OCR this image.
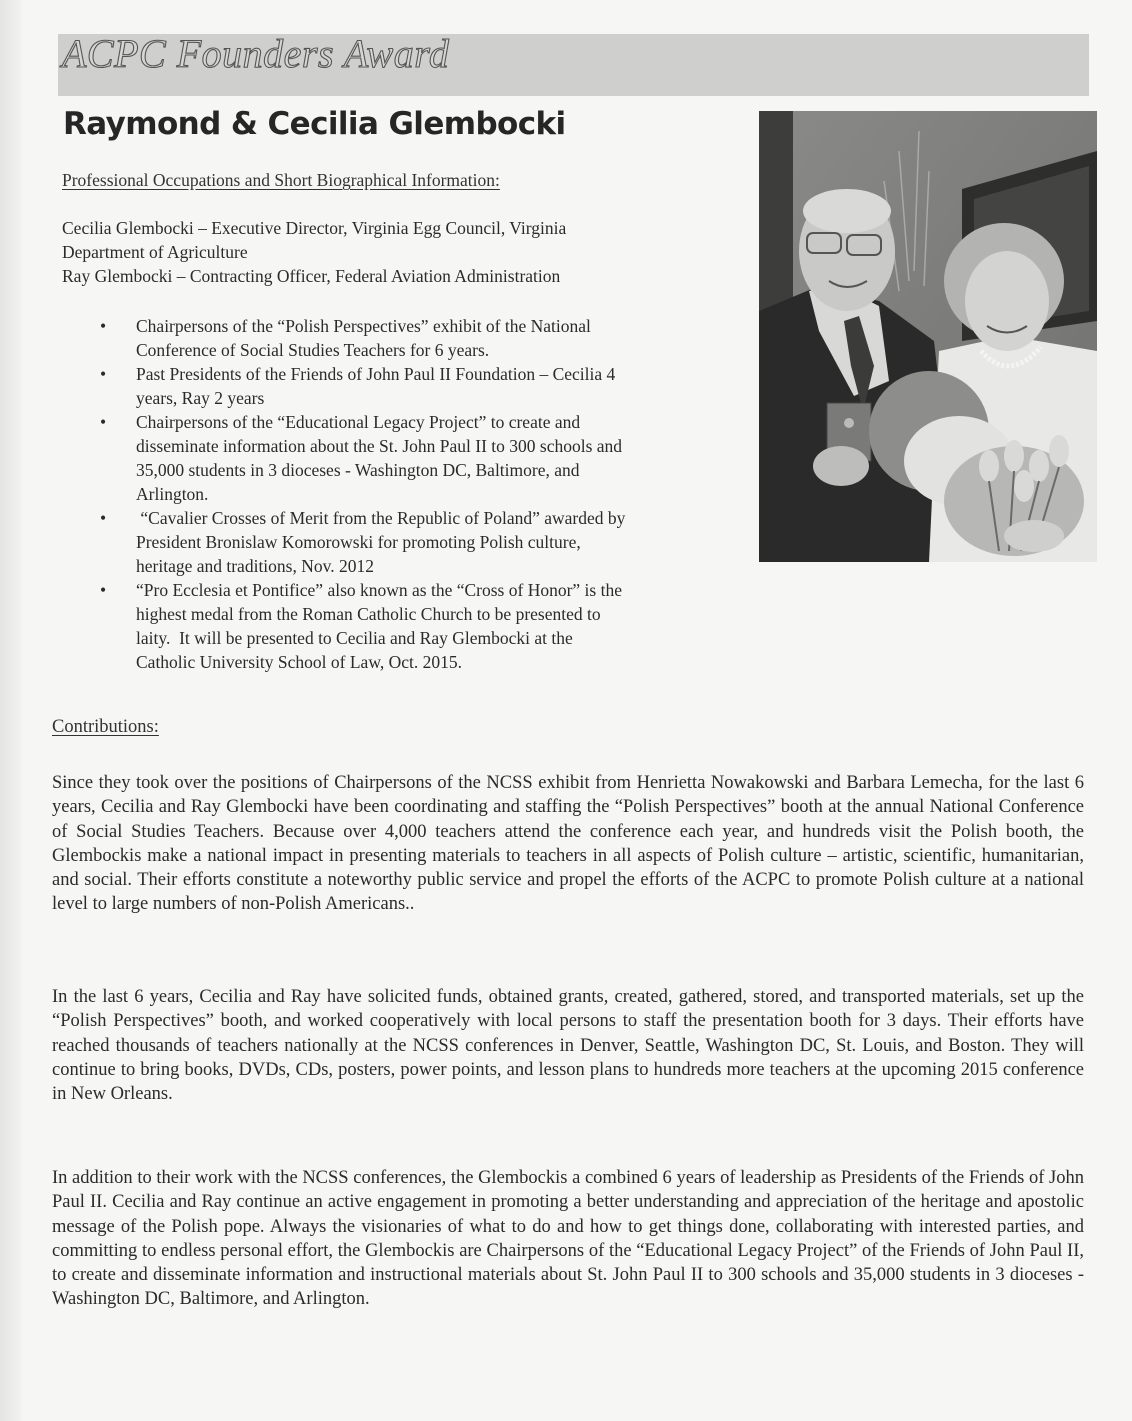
ACPC Founders Award
Raymond & Cecilia Glembocki
Professional Occupations and Short Biographical Information:
Cecilia Glembocki – Executive Director, Virginia Egg Council, Virginia
Department of Agriculture
Ray Glembocki – Contracting Officer, Federal Aviation Administration
• Chairpersons of the “Polish Perspectives” exhibit of the National
Conference of Social Studies Teachers for 6 years.
• Past Presidents of the Friends of John Paul II Foundation – Cecilia 4
years, Ray 2 years
• Chairpersons of the “Educational Legacy Project” to create and
disseminate information about the St. John Paul II to 300 schools and
35,000 students in 3 dioceses - Washington DC, Baltimore, and
Arlington.
• “Cavalier Crosses of Merit from the Republic of Poland” awarded by
President Bronislaw Komorowski for promoting Polish culture,
heritage and traditions, Nov. 2012
• “Pro Ecclesia et Pontifice” also known as the “Cross of Honor” is the
highest medal from the Roman Catholic Church to be presented to
laity.  It will be presented to Cecilia and Ray Glembocki at the
Catholic University School of Law, Oct. 2015.
Contributions:

Since they took over the positions of Chairpersons of the NCSS exhibit from Henrietta Nowakowski and Barbara Lemecha, for the last 6 years, Cecilia and Ray Glembocki have been coordinating and staffing the “Polish Perspectives” booth at the annual National Conference of Social Studies Teachers. Because over 4,000 teachers attend the conference each year, and hundreds visit the Polish booth, the Glembockis make a national impact in presenting materials to teachers in all aspects of Polish culture – artistic, scientific, humanitarian, and social. Their efforts constitute a noteworthy public service and propel the efforts of the ACPC to promote Polish culture at a national level to large numbers of non-Polish Americans..

In the last 6 years, Cecilia and Ray have solicited funds, obtained grants, created, gathered, stored, and transported materials, set up the “Polish Perspectives” booth, and worked cooperatively with local persons to staff the presentation booth for 3 days. Their efforts have reached thousands of teachers nationally at the NCSS conferences in Denver, Seattle, Washington DC, St. Louis, and Boston. They will continue to bring books, DVDs, CDs, posters, power points, and lesson plans to hundreds more teachers at the upcoming 2015 conference in New Orleans.

In addition to their work with the NCSS conferences, the Glembockis a combined 6 years of leadership as Presidents of the Friends of John Paul II. Cecilia and Ray continue an active engagement in promoting a better understanding and appreciation of the heritage and apostolic message of the Polish pope. Always the visionaries of what to do and how to get things done, collaborating with interested parties, and committing to endless personal effort, the Glembockis are Chairpersons of the “Educational Legacy Project” of the Friends of John Paul II, to create and disseminate information and instructional materials about St. John Paul II to 300 schools and 35,000 students in 3 dioceses - Washington DC, Baltimore, and Arlington.
